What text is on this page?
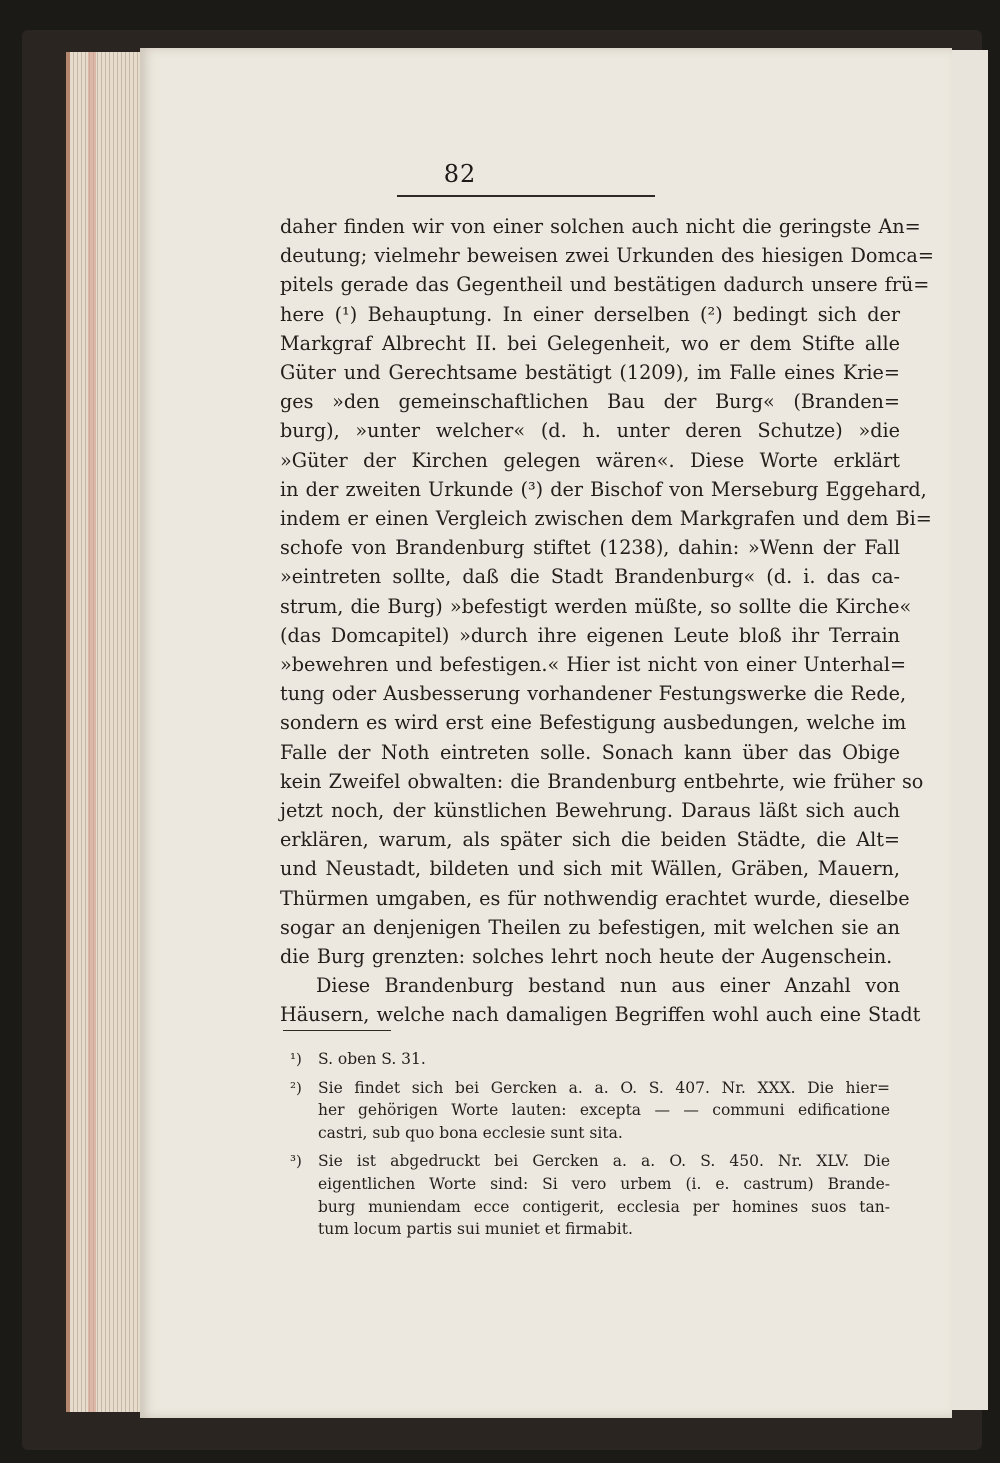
82
daher finden wir von einer solchen auch nicht die geringste An=
deutung; vielmehr beweisen zwei Urkunden des hiesigen Domca=
pitels gerade das Gegentheil und bestätigen dadurch unsere frü=
here (¹) Behauptung. In einer derselben (²) bedingt sich der
Markgraf Albrecht II. bei Gelegenheit, wo er dem Stifte alle
Güter und Gerechtsame bestätigt (1209), im Falle eines Krie=
ges »den gemeinschaftlichen Bau der Burg« (Branden=
burg), »unter welcher« (d. h. unter deren Schutze) »die
»Güter der Kirchen gelegen wären«. Diese Worte erklärt
in der zweiten Urkunde (³) der Bischof von Merseburg Eggehard,
indem er einen Vergleich zwischen dem Markgrafen und dem Bi=
schofe von Brandenburg stiftet (1238), dahin: »Wenn der Fall
»eintreten sollte, daß die Stadt Brandenburg« (d. i. das ca-
strum, die Burg) »befestigt werden müßte, so sollte die Kirche«
(das Domcapitel) »durch ihre eigenen Leute bloß ihr Terrain
»bewehren und befestigen.« Hier ist nicht von einer Unterhal=
tung oder Ausbesserung vorhandener Festungswerke die Rede,
sondern es wird erst eine Befestigung ausbedungen, welche im
Falle der Noth eintreten solle. Sonach kann über das Obige
kein Zweifel obwalten: die Brandenburg entbehrte, wie früher so
jetzt noch, der künstlichen Bewehrung. Daraus läßt sich auch
erklären, warum, als später sich die beiden Städte, die Alt=
und Neustadt, bildeten und sich mit Wällen, Gräben, Mauern,
Thürmen umgaben, es für nothwendig erachtet wurde, dieselbe
sogar an denjenigen Theilen zu befestigen, mit welchen sie an
die Burg grenzten: solches lehrt noch heute der Augenschein.
Diese Brandenburg bestand nun aus einer Anzahl von
Häusern, welche nach damaligen Begriffen wohl auch eine Stadt
¹) S. oben S. 31.
²) Sie findet sich bei Gercken a. a. O. S. 407. Nr. XXX. Die hier=
her gehörigen Worte lauten: excepta — — communi edificatione
castri, sub quo bona ecclesie sunt sita.
³) Sie ist abgedruckt bei Gercken a. a. O. S. 450. Nr. XLV. Die
eigentlichen Worte sind: Si vero urbem (i. e. castrum) Brande-
burg muniendam ecce contigerit, ecclesia per homines suos tan-
tum locum partis sui muniet et firmabit.
